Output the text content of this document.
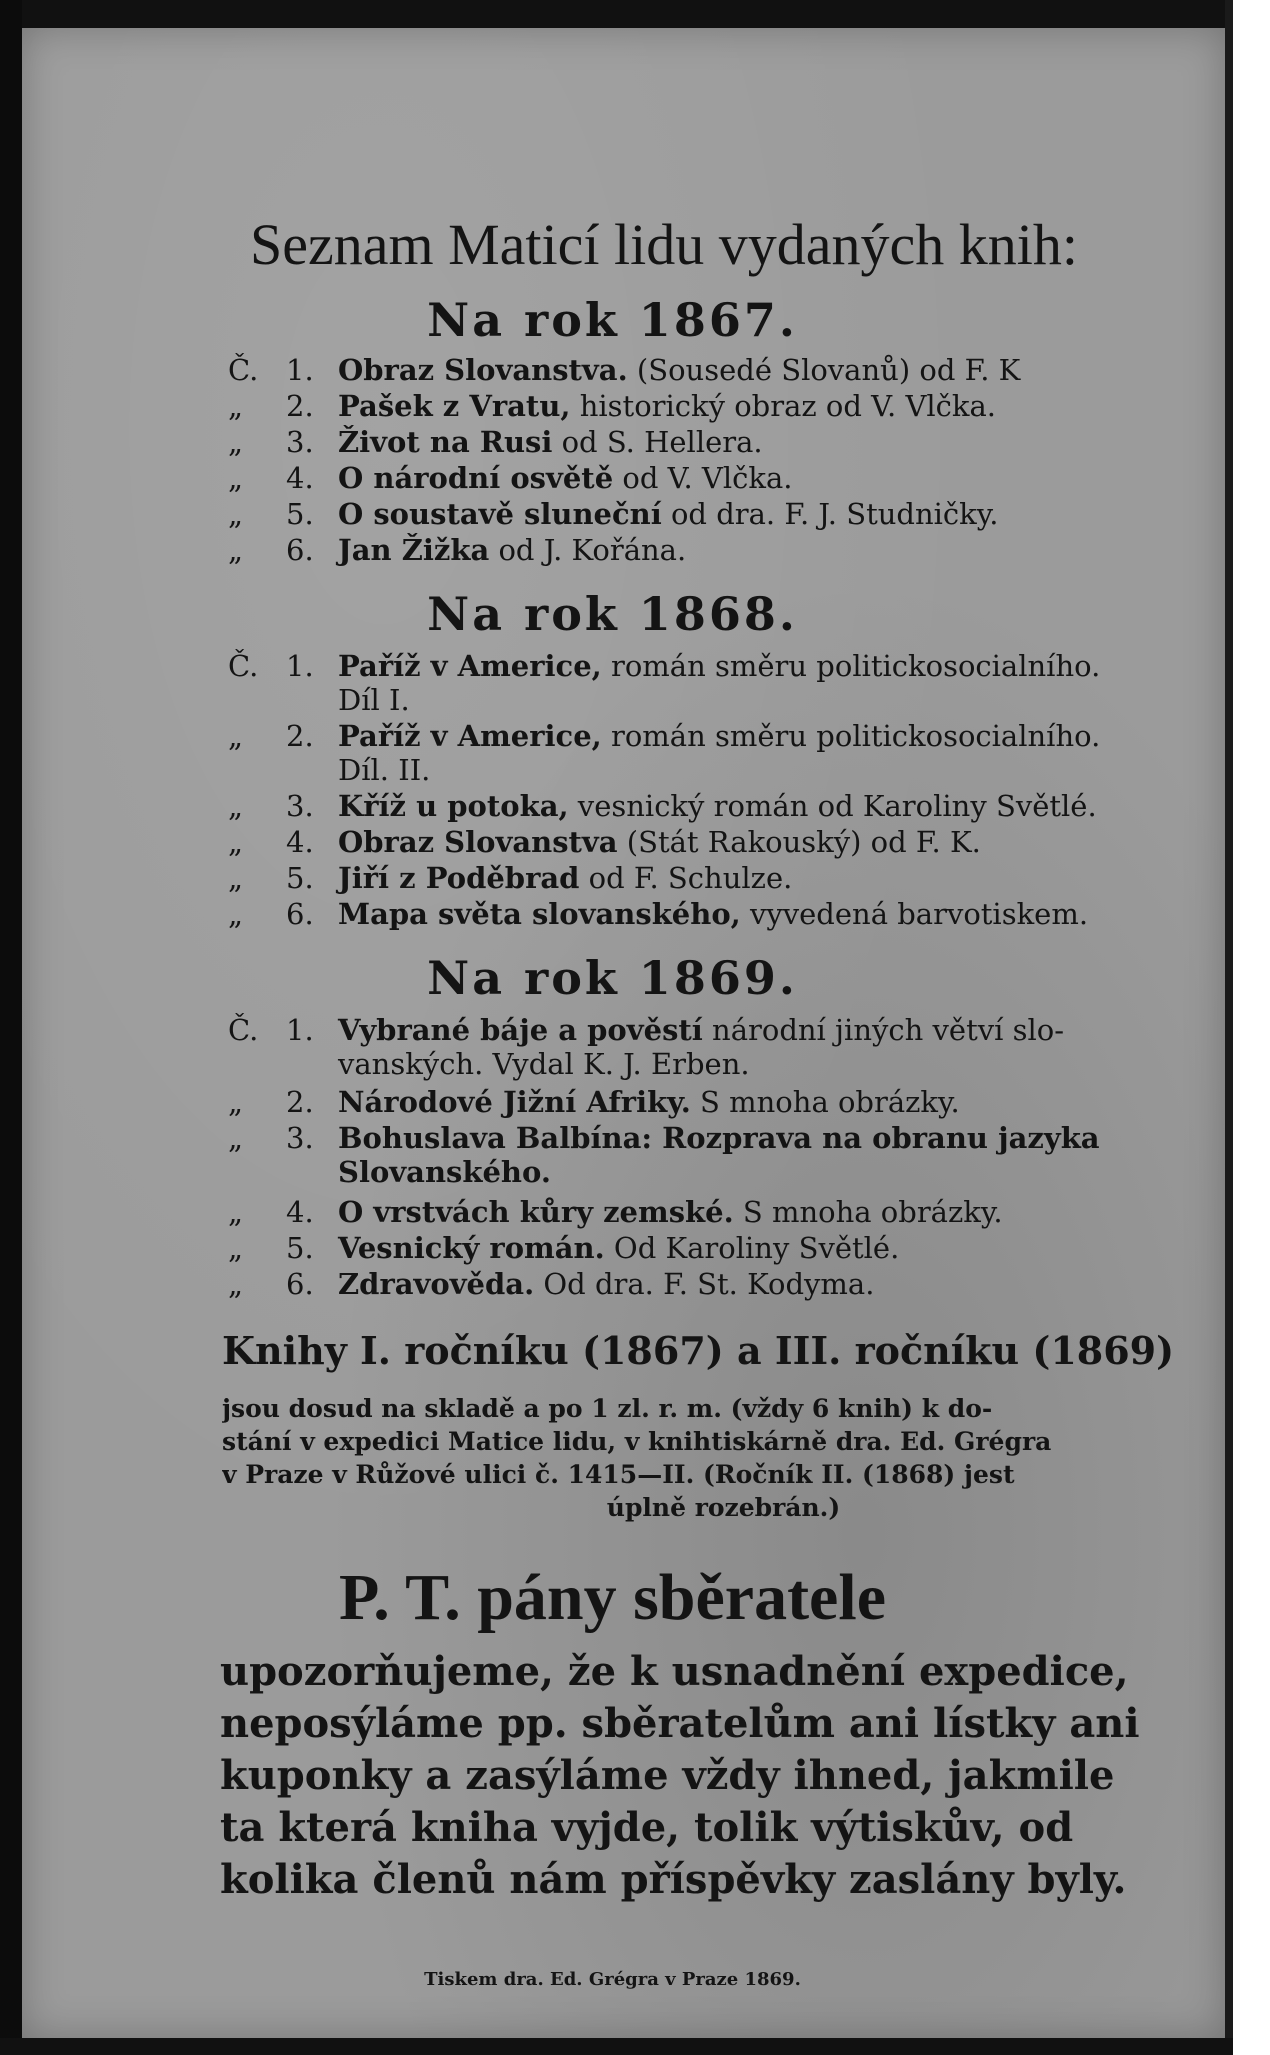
Seznam Maticí lidu vydaných knih:
Na rok 1867.
Č. 1. Obraz Slovanstva. (Sousedé Slovanů) od F. K
„ 2. Pašek z Vratu, historický obraz od V. Vlčka.
„ 3. Život na Rusi od S. Hellera.
„ 4. O národní osvětě od V. Vlčka.
„ 5. O soustavě sluneční od dra. F. J. Studničky.
„ 6. Jan Žižka od J. Kořána.
Na rok 1868.
Č. 1. Paříž v Americe, román směru politickosocialního.
Díl I.
„ 2. Paříž v Americe, román směru politickosocialního.
Díl. II.
„ 3. Kříž u potoka, vesnický román od Karoliny Světlé.
„ 4. Obraz Slovanstva (Stát Rakouský) od F. K.
„ 5. Jiří z Poděbrad od F. Schulze.
„ 6. Mapa světa slovanského, vyvedená barvotiskem.
Na rok 1869.
Č. 1. Vybrané báje a pověstí národní jiných větví slo-
vanských. Vydal K. J. Erben.
„ 2. Národové Jižní Afriky. S mnoha obrázky.
„ 3. Bohuslava Balbína: Rozprava na obranu jazyka
Slovanského.
„ 4. O vrstvách kůry zemské. S mnoha obrázky.
„ 5. Vesnický román. Od Karoliny Světlé.
„ 6. Zdravověda. Od dra. F. St. Kodyma.
Knihy I. ročníku (1867) a III. ročníku (1869)
jsou dosud na skladě a po 1 zl. r. m. (vždy 6 knih) k do-
stání v expedici Matice lidu, v knihtiskárně dra. Ed. Grégra
v Praze v Růžové ulici č. 1415—II. (Ročník II. (1868) jest
úplně rozebrán.)
P. T. pány sběratele
upozorňujeme, že k usnadnění expedice,
neposýláme pp. sběratelům ani lístky ani
kuponky a zasýláme vždy ihned, jakmile
ta která kniha vyjde, tolik výtiskův, od
kolika členů nám příspěvky zaslány byly.
Tiskem dra. Ed. Grégra v Praze 1869.
